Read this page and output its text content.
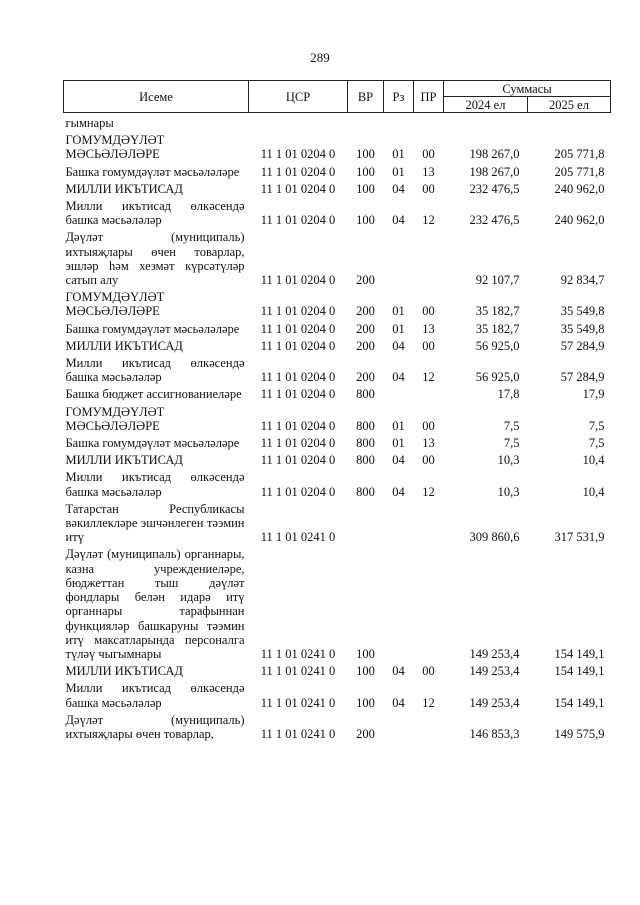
289
Исеме	ЦСР	ВР	Рз	ПР	Суммасы	
					2024 ел	2025 ел
гымнары						
ГОМУМДӘҮЛӘТ МӘСЬӘЛӘЛӘРЕ	11 1 01 0204 0	100	01	00	198 267,0	205 771,8
Башка гомумдәүләт мәсьәләләре	11 1 01 0204 0	100	01	13	198 267,0	205 771,8
МИЛЛИ ИКЪТИСАД	11 1 01 0204 0	100	04	00	232 476,5	240 962,0
Милли икътисад өлкәсендә башка мәсьәләләр	11 1 01 0204 0	100	04	12	232 476,5	240 962,0
Дәүләт (муниципаль) ихтыяҗлары өчен товарлар, эшләр һәм хезмәт күрсәтүләр сатып алу	11 1 01 0204 0	200			92 107,7	92 834,7
ГОМУМДӘҮЛӘТ МӘСЬӘЛӘЛӘРЕ	11 1 01 0204 0	200	01	00	35 182,7	35 549,8
Башка гомумдәүләт мәсьәләләре	11 1 01 0204 0	200	01	13	35 182,7	35 549,8
МИЛЛИ ИКЪТИСАД	11 1 01 0204 0	200	04	00	56 925,0	57 284,9
Милли икътисад өлкәсендә башка мәсьәләләр	11 1 01 0204 0	200	04	12	56 925,0	57 284,9
Башка бюджет ассигнованиеләре	11 1 01 0204 0	800			17,8	17,9
ГОМУМДӘҮЛӘТ МӘСЬӘЛӘЛӘРЕ	11 1 01 0204 0	800	01	00	7,5	7,5
Башка гомумдәүләт мәсьәләләре	11 1 01 0204 0	800	01	13	7,5	7,5
МИЛЛИ ИКЪТИСАД	11 1 01 0204 0	800	04	00	10,3	10,4
Милли икътисад өлкәсендә башка мәсьәләләр	11 1 01 0204 0	800	04	12	10,3	10,4
Татарстан Республикасы вәкиллекләре эшчәнлеген тәэмин итү	11 1 01 0241 0				309 860,6	317 531,9
Дәүләт (муниципаль) органнары, казна учреждениеләре, бюджеттан тыш дәүләт фондлары белән идарә итү органнары тарафыннан функцияләр башкаруны тәэмин итү максатларында персоналга түләү чыгымнары	11 1 01 0241 0	100			149 253,4	154 149,1
МИЛЛИ ИКЪТИСАД	11 1 01 0241 0	100	04	00	149 253,4	154 149,1
Милли икътисад өлкәсендә башка мәсьәләләр	11 1 01 0241 0	100	04	12	149 253,4	154 149,1
Дәүләт (муниципаль) ихтыяҗлары өчен товарлар,	11 1 01 0241 0	200			146 853,3	149 575,9
